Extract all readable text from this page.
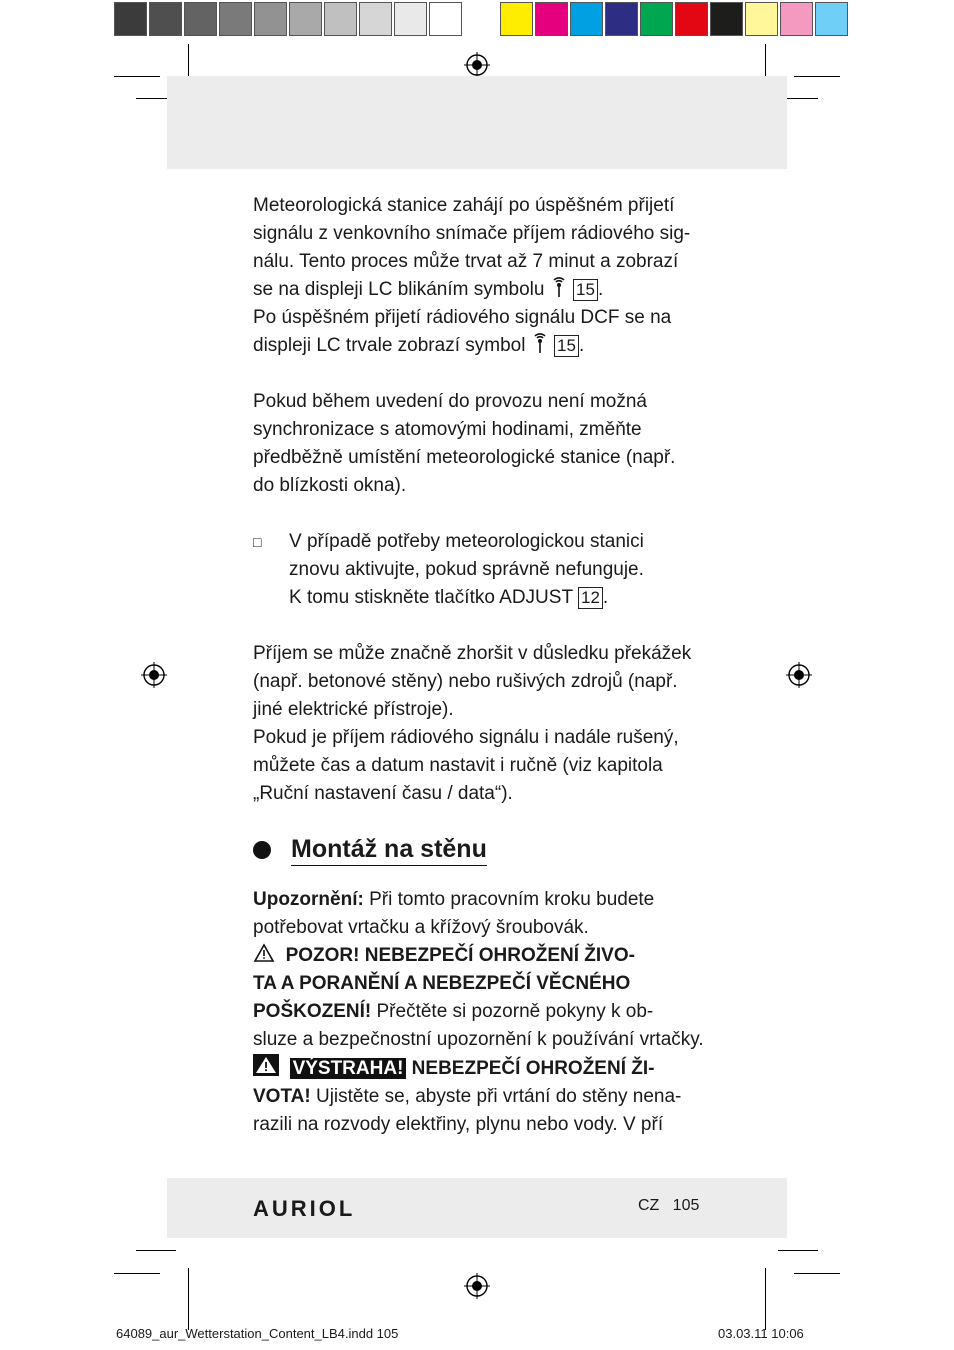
Meteorologická stanice zahájí po úspěšném přijetí
signálu z venkovního snímače příjem rádiového sig-
nálu. Tento proces může trvat až 7 minut a zobrazí
se na displeji LC blikáním symbolu 15 .
Po úspěšném přijetí rádiového signálu DCF se na
displeji LC trvale zobrazí symbol 15 .

Pokud během uvedení do provozu není možná
synchronizace s atomovými hodinami, změňte
předběžně umístění meteorologické stanice (např.
do blízkosti okna).

□	V případě potřeby meteorologickou stanici
znovu aktivujte, pokud správně nefunguje.
K tomu stiskněte tlačítko ADJUST 12 .

Příjem se může značně zhoršit v důsledku překážek
(např. betonové stěny) nebo rušivých zdrojů (např.
jiné elektrické přístroje).
Pokud je příjem rádiového signálu i nadále rušený,
můžete čas a datum nastavit i ručně (viz kapitola
„Ruční nastavení času / data“).

Montáž na stěnu

Upozornění: Při tomto pracovním kroku budete
potřebovat vrtačku a křížový šroubovák.
POZOR! NEBEZPEČÍ OHROŽENÍ ŽIVO-
TA A PORANĚNÍ A NEBEZPEČÍ VĚCNÉHO
POŠKOZENÍ! Přečtěte si pozorně pokyny k ob-
sluze a bezpečnostní upozornění k používání vrtačky.
VÝSTRAHA! NEBEZPEČÍ OHROŽENÍ ŽI-
VOTA! Ujistěte se, abyste při vrtání do stěny nena-
razili na rozvody elektřiny, plynu nebo vody. V pří

AURIOL	CZ 105
64089_aur_Wetterstation_Content_LB4.indd 105	03.03.11 10:06
